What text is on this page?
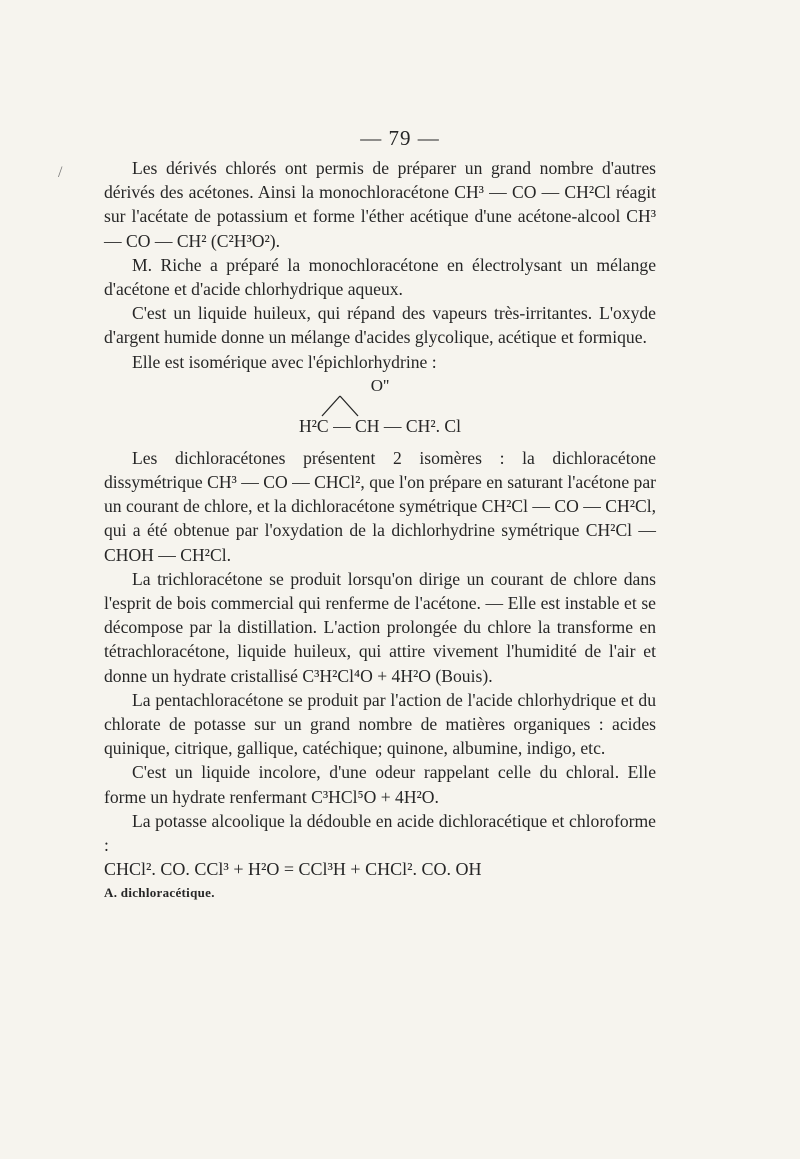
— 79 —
/	Les dérivés chlorés ont permis de préparer un grand nombre d'autres dérivés des acétones. Ainsi la monochloracétone CH³ — CO — CH²Cl réagit sur l'acétate de potassium et forme l'éther acétique d'une acétone-alcool CH³ — CO — CH² (C²H³O²).

M. Riche a préparé la monochloracétone en électrolysant un mélange d'acétone et d'acide chlorhydrique aqueux.

C'est un liquide huileux, qui répand des vapeurs très-irritantes. L'oxyde d'argent humide donne un mélange d'acides glycolique, acétique et formique.

Elle est isomérique avec l'épichlorhydrine :

O''
H²C — CH — CH². Cl

Les dichloracétones présentent 2 isomères : la dichloracétone dissymétrique CH³ — CO — CHCl², que l'on prépare en saturant l'acétone par un courant de chlore, et la dichloracétone symétrique CH²Cl — CO — CH²Cl, qui a été obtenue par l'oxydation de la dichlorhydrine symétrique CH²Cl — CHOH — CH²Cl.

La trichloracétone se produit lorsqu'on dirige un courant de chlore dans l'esprit de bois commercial qui renferme de l'acétone. — Elle est instable et se décompose par la distillation. L'action prolongée du chlore la transforme en tétrachloracétone, liquide huileux, qui attire vivement l'humidité de l'air et donne un hydrate cristallisé C³H²Cl⁴O + 4H²O (Bouis).

La pentachloracétone se produit par l'action de l'acide chlorhydrique et du chlorate de potasse sur un grand nombre de matières organiques : acides quinique, citrique, gallique, catéchique; quinone, albumine, indigo, etc.

C'est un liquide incolore, d'une odeur rappelant celle du chloral. Elle forme un hydrate renfermant C³HCl⁵O + 4H²O.

La potasse alcoolique la dédouble en acide dichloracétique et chloroforme :

CHCl². CO. CCl³ + H²O = CCl³H + CHCl². CO. OH

A. dichloracétique.
